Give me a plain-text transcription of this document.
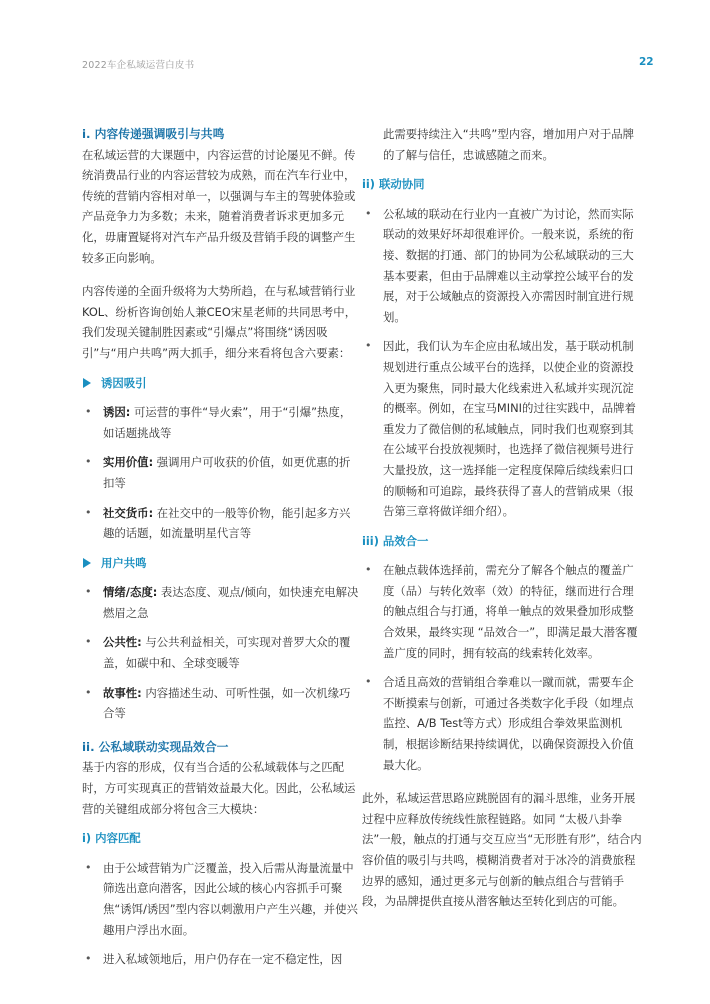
2022车企私域运营白皮书	22
i. 内容传递强调吸引与共鸣

在私域运营的大课题中，内容运营的讨论屡见不鲜。传统消费品行业的内容运营较为成熟，而在汽车行业中，传统的营销内容相对单一，以强调与车主的驾驶体验或产品竞争力为多数；未来，随着消费者诉求更加多元化，毋庸置疑将对汽车产品升级及营销手段的调整产生较多正向影响。

内容传递的全面升级将为大势所趋，在与私域营销行业KOL、纷析咨询创始人兼CEO宋星老师的共同思考中，我们发现关键制胜因素或“引爆点”将围绕“诱因吸引”与“用户共鸣”两大抓手，细分来看将包含六要素：

诱因吸引
• 诱因: 可运营的事件“导火索”，用于“引爆”热度，如话题挑战等
• 实用价值: 强调用户可收获的价值，如更优惠的折扣等
• 社交货币: 在社交中的一般等价物，能引起多方兴趣的话题，如流量明星代言等
用户共鸣
• 情绪/态度: 表达态度、观点/倾向，如快速充电解决燃眉之急
• 公共性: 与公共利益相关，可实现对普罗大众的覆盖，如碳中和、全球变暖等
• 故事性: 内容描述生动、可听性强，如一次机缘巧合等
ii. 公私域联动实现品效合一

基于内容的形成，仅有当合适的公私域载体与之匹配时，方可实现真正的营销效益最大化。因此，公私域运营的关键组成部分将包含三大模块：

i) 内容匹配
• 由于公域营销为广泛覆盖，投入后需从海量流量中筛选出意向潜客，因此公域的核心内容抓手可聚焦“诱饵/诱因”型内容以刺激用户产生兴趣，并使兴趣用户浮出水面。
• 进入私域领地后，用户仍存在一定不稳定性，因

此需要持续注入“共鸣”型内容，增加用户对于品牌的了解与信任，忠诚感随之而来。

ii) 联动协同
• 公私域的联动在行业内一直被广为讨论，然而实际联动的效果好坏却很难评价。一般来说，系统的衔接、数据的打通、部门的协同为公私域联动的三大基本要素，但由于品牌难以主动掌控公域平台的发展，对于公域触点的资源投入亦需因时制宜进行规划。
• 因此，我们认为车企应由私域出发，基于联动机制规划进行重点公域平台的选择，以使企业的资源投入更为聚焦，同时最大化线索进入私域并实现沉淀的概率。例如，在宝马MINI的过往实践中，品牌着重发力了微信侧的私域触点，同时我们也观察到其在公域平台投放视频时，也选择了微信视频号进行大量投放，这一选择能一定程度保障后续线索归口的顺畅和可追踪，最终获得了喜人的营销成果（报告第三章将做详细介绍）。
iii) 品效合一
• 在触点载体选择前，需充分了解各个触点的覆盖广度（品）与转化效率（效）的特征，继而进行合理的触点组合与打通，将单一触点的效果叠加形成整合效果，最终实现 “品效合一”，即满足最大潜客覆盖广度的同时，拥有较高的线索转化效率。
• 合适且高效的营销组合拳难以一蹴而就，需要车企不断摸索与创新，可通过各类数字化手段（如埋点监控、A/B Test等方式）形成组合拳效果监测机制，根据诊断结果持续调优，以确保资源投入价值最大化。

此外，私域运营思路应跳脱固有的漏斗思维，业务开展过程中应释放传统线性旅程链路。如同 “太极八卦拳法”一般，触点的打通与交互应当“无形胜有形”，结合内容价值的吸引与共鸣，模糊消费者对于冰冷的消费旅程边界的感知，通过更多元与创新的触点组合与营销手段，为品牌提供直接从潜客触达至转化到店的可能。
